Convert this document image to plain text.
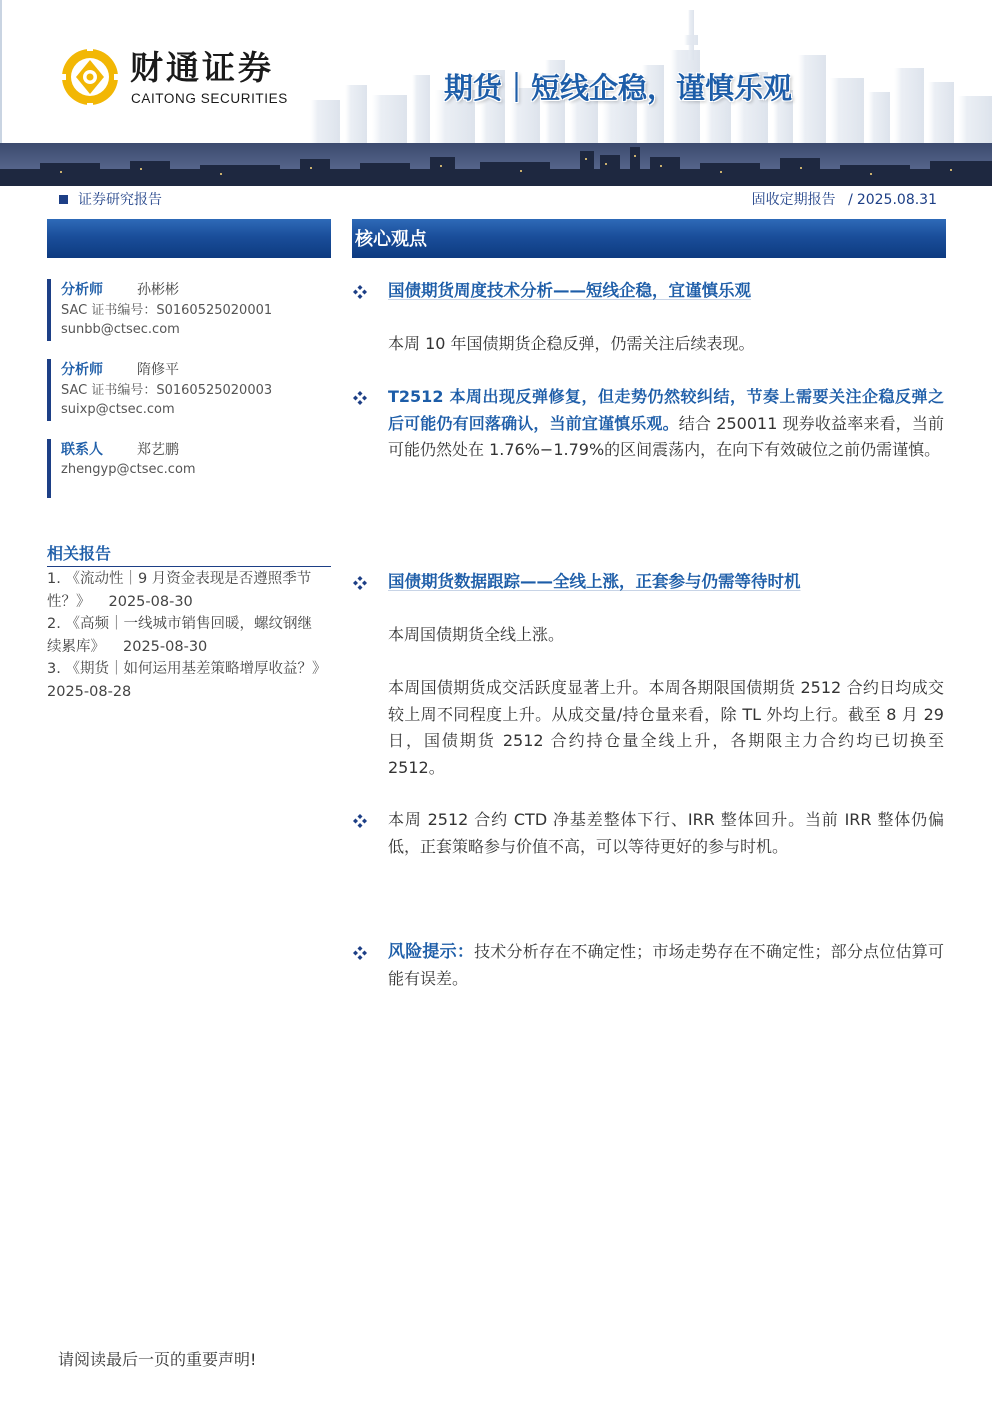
财通证券
CAITONG SECURITIES	期货｜短线企稳，谨慎乐观
证券研究报告	固收定期报告 / 2025.08.31
核心观点
分析师 孙彬彬
SAC 证书编号：S0160525020001
sunbb@ctsec.com
分析师 隋修平
SAC 证书编号：S0160525020003
suixp@ctsec.com
联系人 郑艺鹏
zhengyp@ctsec.com
相关报告
1. 《流动性｜9 月资金表现是否遵照季节
性？》 2025-08-30
2. 《高频｜一线城市销售回暖，螺纹钢继
续累库》 2025-08-30
3. 《期货｜如何运用基差策略增厚收益？》
2025-08-28
国债期货周度技术分析——短线企稳，宜谨慎乐观
本周 10 年国债期货企稳反弹，仍需关注后续表现。
T2512 本周出现反弹修复，但走势仍然较纠结，节奏上需要关注企稳反弹之后可能仍有回落确认，当前宜谨慎乐观。结合 250011 现券收益率来看，当前可能仍然处在 1.76%−1.79%的区间震荡内，在向下有效破位之前仍需谨慎。
国债期货数据跟踪——全线上涨，正套参与仍需等待时机
本周国债期货全线上涨。
本周国债期货成交活跃度显著上升。本周各期限国债期货 2512 合约日均成交较上周不同程度上升。从成交量/持仓量来看，除 TL 外均上行。截至 8 月 29 日，国债期货 2512 合约持仓量全线上升，各期限主力合约均已切换至 2512。
本周 2512 合约 CTD 净基差整体下行、IRR 整体回升。当前 IRR 整体仍偏低，正套策略参与价值不高，可以等待更好的参与时机。
风险提示：技术分析存在不确定性；市场走势存在不确定性；部分点位估算可能有误差。
请阅读最后一页的重要声明!
